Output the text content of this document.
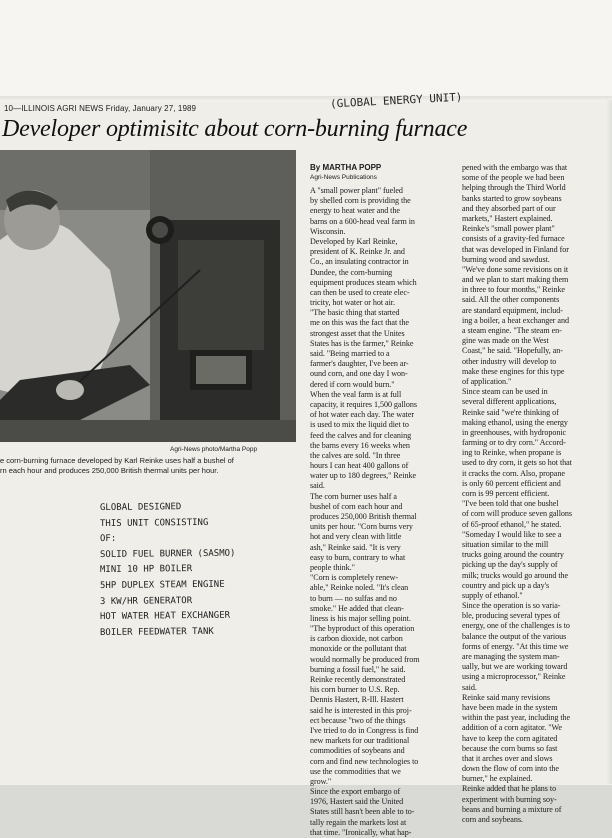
10—ILLINOIS AGRI NEWS Friday, January 27, 1989	(GLOBAL ENERGY UNIT)
Developer optimisitc about corn-burning furnace
Agri-News photo/Martha Popp
e corn-burning furnace developed by Karl Reinke uses half a bushel of
rn each hour and produces 250,000 British thermal units per hour.
GLOBAL DESIGNED
THIS UNIT CONSISTING
OF:
SOLID FUEL BURNER (SASMO)
MINI 10 HP BOILER
5HP DUPLEX STEAM ENGINE
3 KW/HR GENERATOR
HOT WATER HEAT EXCHANGER
BOILER FEEDWATER TANK
By MARTHA POPP
Agri-News Publications
A "small power plant" fueled
by shelled corn is providing the
energy to heat water and the
barns on a 600-head veal farm in
Wisconsin.
Developed by Karl Reinke,
president of K. Reinke Jr. and
Co., an insulating contractor in
Dundee, the corn-burning
equipment produces steam which
can then be used to create elec-
tricity, hot water or hot air.
"The basic thing that started
me on this was the fact that the
strongest asset that the Unites
States has is the farmer," Reinke
said. "Being married to a
farmer's daughter, I've been ar-
ound corn, and one day I won-
dered if corn would burn."
When the veal farm is at full
capacity, it requires 1,500 gallons
of hot water each day. The water
is used to mix the liquid diet to
feed the calves and for cleaning
the barns every 16 weeks when
the calves are sold. "In three
hours I can heat 400 gallons of
water up to 180 degrees," Reinke
said.
The corn burner uses half a
bushel of corn each hour and
produces 250,000 British thermal
units per hour. "Corn burns very
hot and very clean with little
ash," Reinke said. "It is very
easy to burn, contrary to what
people think."
"Corn is completely renew-
able," Reinke noled. "It's clean
to burn — no sulfas and no
smoke." He added that clean-
liness is his major selling point.
"The byproduct of this operation
is carbon dioxide, not carbon
monoxide or the pollutant that
would normally be produced from
burning a fossil fuel," he said.
Reinke recently demonstrated
his corn burner to U.S. Rep.
Dennis Hastert, R-Ill. Hastert
said he is interested in this proj-
ect because "two of the things
I've tried to do in Congress is find
new markets for our traditional
commodities of soybeans and
corn and find new technologies to
use the commodities that we
grow."
Since the export embargo of
1976, Hastert said the United
States still hasn't been able to to-
tally regain the markets lost at
that time. "Ironically, what hap-
pened with the embargo was that
some of the people we had been
helping through the Third World
banks started to grow soybeans
and they absorbed part of our
markets," Hastert explained.
Reinke's "small power plant"
consists of a gravity-fed furnace
that was developed in Finland for
burning wood and sawdust.
"We've done some revisions on it
and we plan to start making them
in three to four months," Reinke
said. All the other components
are standard equipment, includ-
ing a boiler, a heat exchanger and
a steam engine. "The steam en-
gine was made on the West
Coast," he said. "Hopefully, an-
other industry will develop to
make these engines for this type
of application."
Since steam can be used in
several different applications,
Reinke said "we're thinking of
making ethanol, using the energy
in greenhouses, with hydroponic
farming or to dry corn." Accord-
ing to Reinke, when propane is
used to dry corn, it gets so hot that
it cracks the corn. Also, propane
is only 60 percent efficient and
corn is 99 percent efficient.
"I've been told that one bushel
of corn will produce seven gallons
of 65-proof ethanol," he stated.
"Someday I would like to see a
situation similar to the mill
trucks going around the country
picking up the day's supply of
milk; trucks would go around the
country and pick up a day's
supply of ethanol."
Since the operation is so varia-
ble, producing several types of
energy, one of the challenges is to
balance the output of the various
forms of energy. "At this time we
are managing the system man-
ually, but we are working toward
using a microprocessor," Reinke
said.
Reinke said many revisions
have been made in the system
within the past year, including the
addition of a corn agitator. "We
have to keep the corn agitated
because the corn burns so fast
that it arches over and slows
down the flow of corn into the
burner," he explained.
Reinke added that he plans to
experiment with burning soy-
beans and burning a mixture of
corn and soybeans.
